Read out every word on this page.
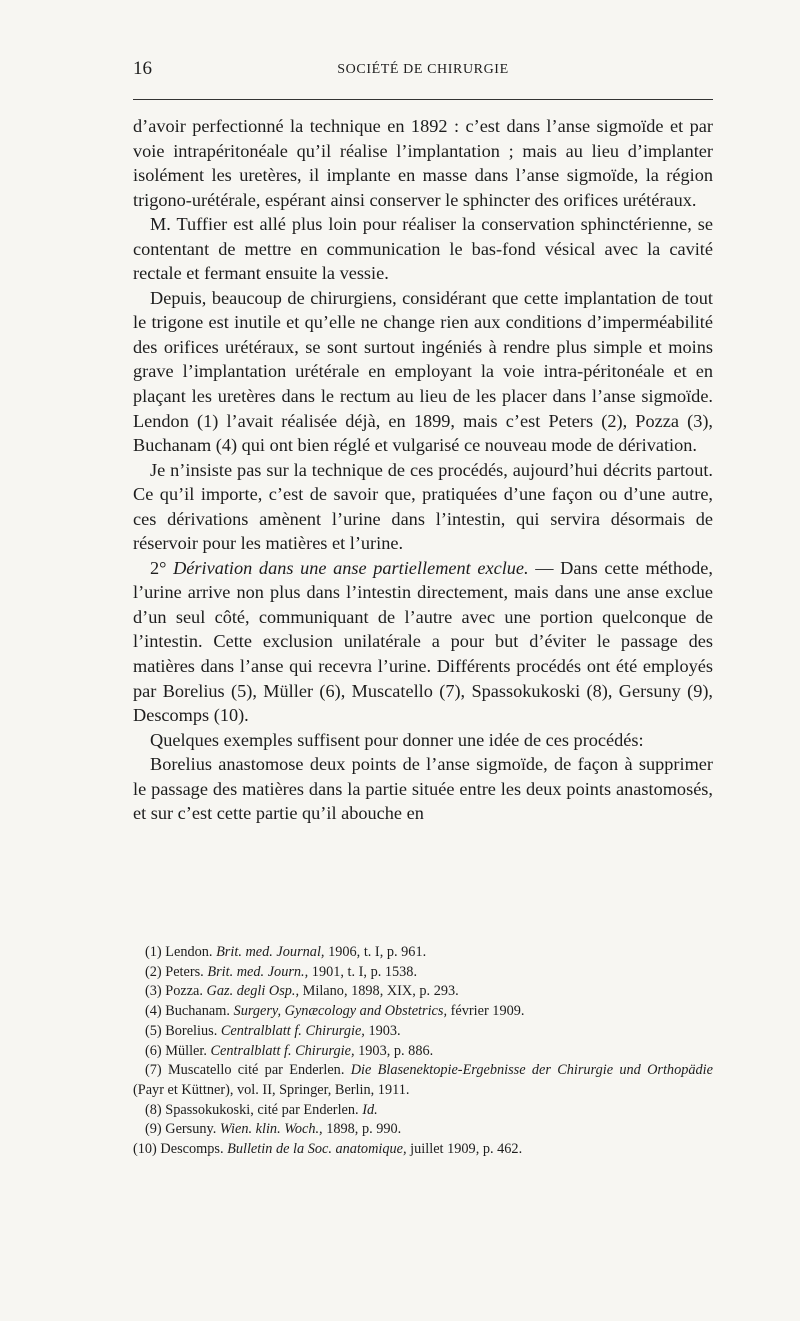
16	SOCIÉTÉ DE CHIRURGIE

d’avoir perfectionné la technique en 1892 : c’est dans l’anse sigmoïde et par voie intrapéritonéale qu’il réalise l’implantation ; mais au lieu d’implanter isolément les uretères, il implante en masse dans l’anse sigmoïde, la région trigono-urétérale, espérant ainsi conserver le sphincter des orifices urétéraux.

M. Tuffier est allé plus loin pour réaliser la conservation sphinctérienne, se contentant de mettre en communication le bas-fond vésical avec la cavité rectale et fermant ensuite la vessie.

Depuis, beaucoup de chirurgiens, considérant que cette implantation de tout le trigone est inutile et qu’elle ne change rien aux conditions d’imperméabilité des orifices urétéraux, se sont surtout ingéniés à rendre plus simple et moins grave l’implantation urétérale en employant la voie intra-péritonéale et en plaçant les uretères dans le rectum au lieu de les placer dans l’anse sigmoïde. Lendon (1) l’avait réalisée déjà, en 1899, mais c’est Peters (2), Pozza (3), Buchanam (4) qui ont bien réglé et vulgarisé ce nouveau mode de dérivation.

Je n’insiste pas sur la technique de ces procédés, aujourd’hui décrits partout. Ce qu’il importe, c’est de savoir que, pratiquées d’une façon ou d’une autre, ces dérivations amènent l’urine dans l’intestin, qui servira désormais de réservoir pour les matières et l’urine.

2° Dérivation dans une anse partiellement exclue. — Dans cette méthode, l’urine arrive non plus dans l’intestin directement, mais dans une anse exclue d’un seul côté, communiquant de l’autre avec une portion quelconque de l’intestin. Cette exclusion unilatérale a pour but d’éviter le passage des matières dans l’anse qui recevra l’urine. Différents procédés ont été employés par Borelius (5), Müller (6), Muscatello (7), Spassokukoski (8), Gersuny (9), Descomps (10).

Quelques exemples suffisent pour donner une idée de ces procédés:

Borelius anastomose deux points de l’anse sigmoïde, de façon à supprimer le passage des matières dans la partie située entre les deux points anastomosés, et sur c’est cette partie qu’il abouche en

(1) Lendon. Brit. med. Journal, 1906, t. I, p. 961.

(2) Peters. Brit. med. Journ., 1901, t. I, p. 1538.

(3) Pozza. Gaz. degli Osp., Milano, 1898, XIX, p. 293.

(4) Buchanam. Surgery, Gynæcology and Obstetrics, février 1909.

(5) Borelius. Centralblatt f. Chirurgie, 1903.

(6) Müller. Centralblatt f. Chirurgie, 1903, p. 886.

(7) Muscatello cité par Enderlen. Die Blasenektopie-Ergebnisse der Chirurgie und Orthopädie (Payr et Küttner), vol. II, Springer, Berlin, 1911.

(8) Spassokukoski, cité par Enderlen. Id.

(9) Gersuny. Wien. klin. Woch., 1898, p. 990.

(10) Descomps. Bulletin de la Soc. anatomique, juillet 1909, p. 462.
